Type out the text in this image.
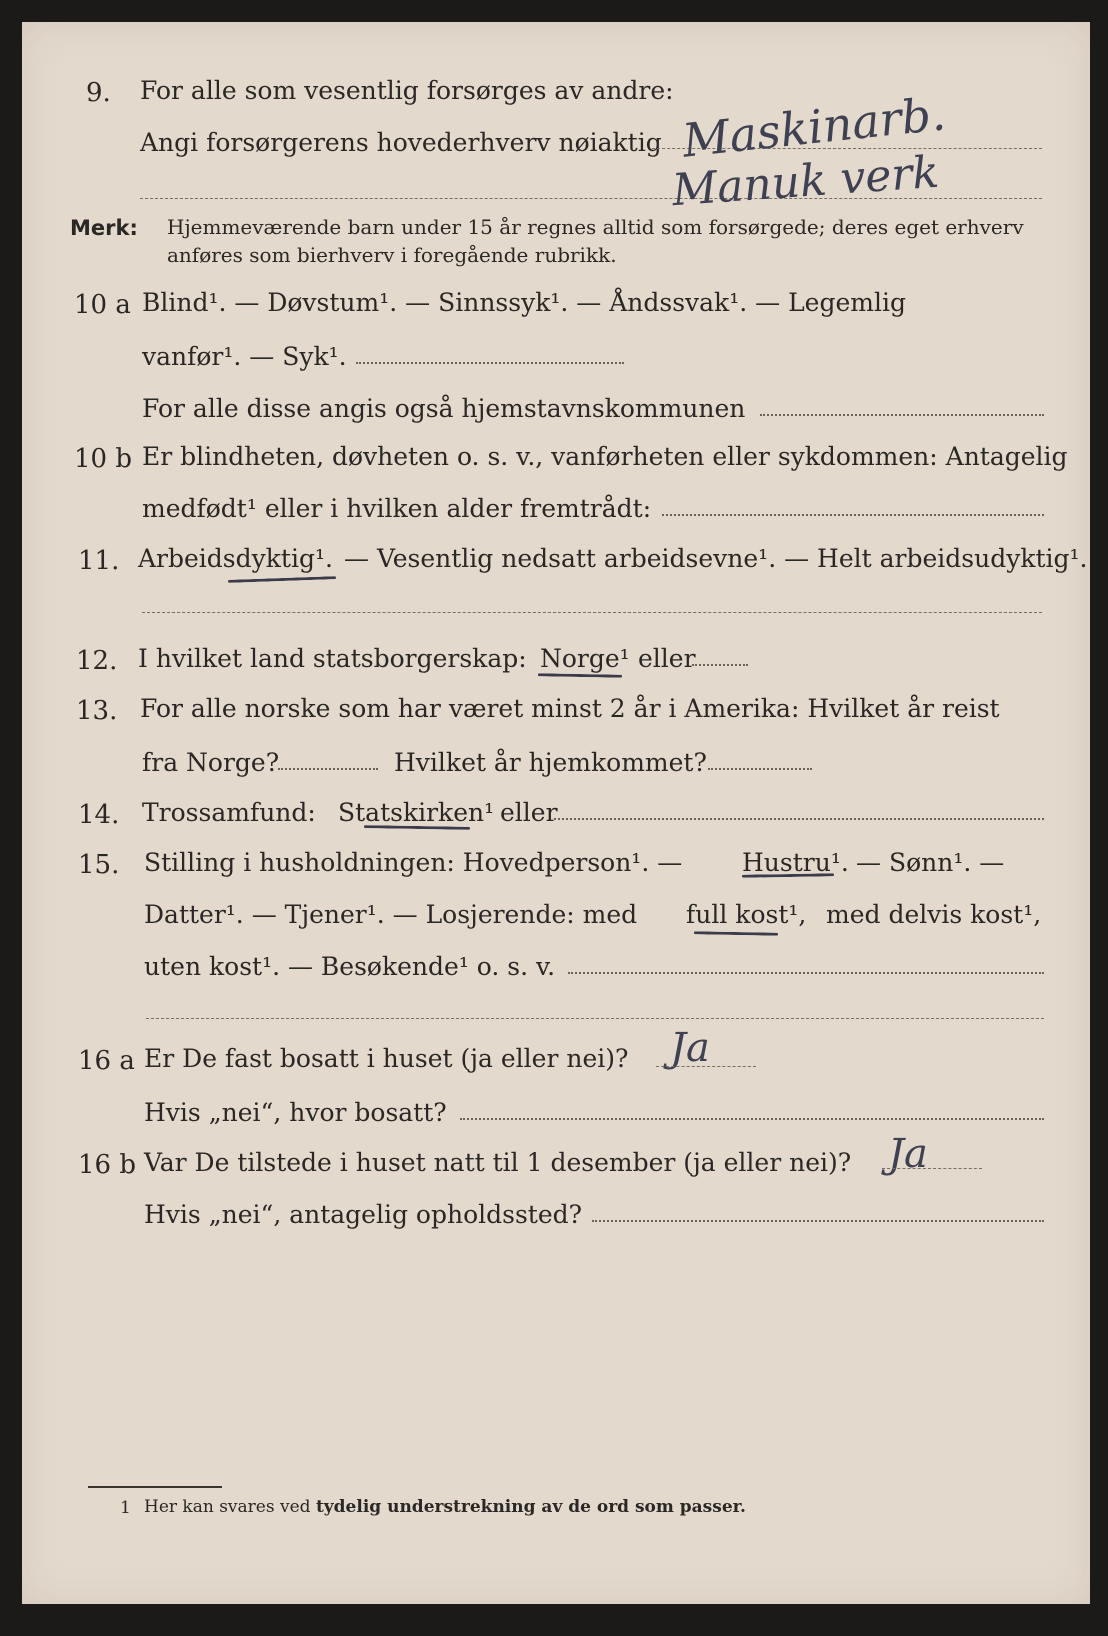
9. For alle som vesentlig forsørges av andre:
Angi forsørgerens hovederhverv nøiaktig Maskinarb.
Manuk verk
Merk: Hjemmeværende barn under 15 år regnes alltid som forsørgede; deres eget erhverv
anføres som bierhverv i foregående rubrikk.
10 a Blind¹. — Døvstum¹. — Sinnssyk¹. — Åndssvak¹. — Legemlig
vanfør¹. — Syk¹.
For alle disse angis også hjemstavnskommunen
10 b Er blindheten, døvheten o. s. v., vanførheten eller sykdommen: Antagelig
medfødt¹ eller i hvilken alder fremtrådt:
11. Arbeidsdyktig¹. — Vesentlig nedsatt arbeidsevne¹. — Helt arbeidsudyktig¹.
12. I hvilket land statsborgerskap: Norge¹ eller
13. For alle norske som har været minst 2 år i Amerika: Hvilket år reist
fra Norge?	Hvilket år hjemkommet?
14. Trossamfund: Statskirken¹ eller
15. Stilling i husholdningen: Hovedperson¹. — Hustru¹. — Sønn¹. —
Datter¹. — Tjener¹. — Losjerende: med full kost¹, med delvis kost¹,
uten kost¹. — Besøkende¹ o. s. v.
16 a Er De fast bosatt i huset (ja eller nei)? Ja
Hvis „nei“, hvor bosatt?
16 b Var De tilstede i huset natt til 1 desember (ja eller nei)? Ja
Hvis „nei“, antagelig opholdssted?
1 Her kan svares ved tydelig understrekning av de ord som passer.
